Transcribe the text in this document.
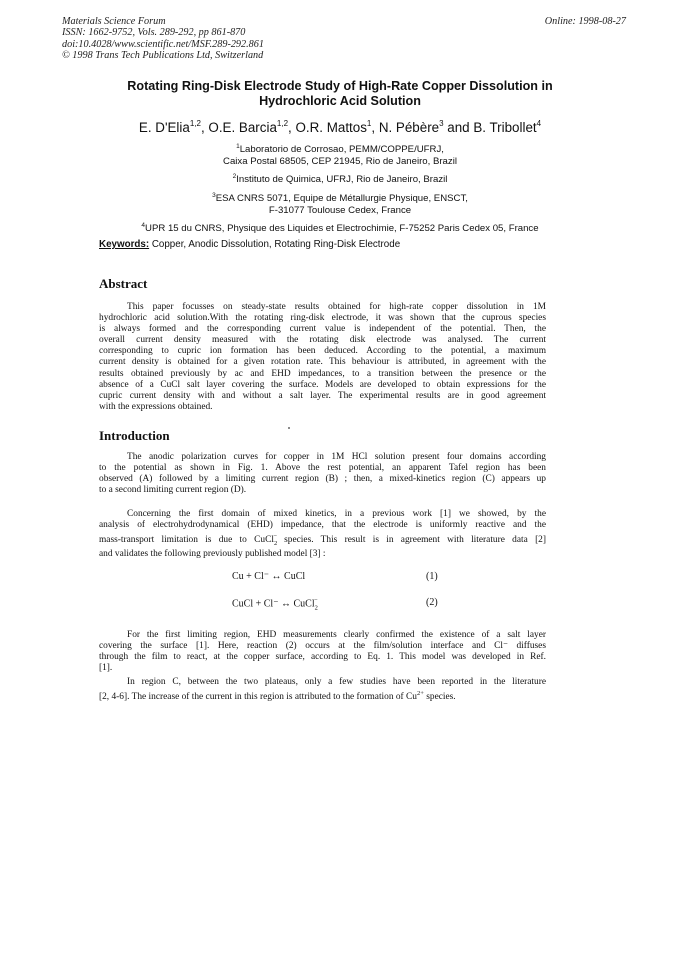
Materials Science Forum
ISSN: 1662-9752, Vols. 289-292, pp 861-870
doi:10.4028/www.scientific.net/MSF.289-292.861
© 1998 Trans Tech Publications Ltd, Switzerland
Online: 1998-08-27
Rotating Ring-Disk Electrode Study of High-Rate Copper Dissolution in
Hydrochloric Acid Solution
E. D'Elia$^{1,2}$, O.E. Barcia$^{1,2}$, O.R. Mattos$^1$, N. Pébère$^3$ and B. Tribollet$^4$
$^1$Laboratorio de Corrosao, PEMM/COPPE/UFRJ,
Caixa Postal 68505, CEP 21945, Rio de Janeiro, Brazil
$^2$Instituto de Quimica, UFRJ, Rio de Janeiro, Brazil
$^3$ESA CNRS 5071, Equipe de Métallurgie Physique, ENSCT,
F-31077 Toulouse Cedex, France
$^4$UPR 15 du CNRS, Physique des Liquides et Electrochimie, F-75252 Paris Cedex 05, France
Keywords: Copper, Anodic Dissolution, Rotating Ring-Disk Electrode
Abstract
This paper focusses on steady-state results obtained for high-rate copper dissolution in 1M
hydrochloric acid solution.With the rotating ring-disk electrode, it was shown that the cuprous species
is always formed and the corresponding current value is independent of the potential. Then, the
overall current density measured with the rotating disk electrode was analysed. The current
corresponding to cupric ion formation has been deduced. According to the potential, a maximum
current density is obtained for a given rotation rate. This behaviour is attributed, in agreement with the
results obtained previously by ac and EHD impedances, to a transition between the presence or the
absence of a CuCl salt layer covering the surface. Models are developed to obtain expressions for the
cupric current density with and without a salt layer. The experimental results are in good agreement
with the expressions obtained.
Introduction
The anodic polarization curves for copper in 1M HCl solution present four domains according
to the potential as shown in Fig. 1. Above the rest potential, an apparent Tafel region has been
observed (A) followed by a limiting current region (B) ; then, a mixed-kinetics region (C) appears up
to a second limiting current region (D).
Concerning the first domain of mixed kinetics, in a previous work [1] we showed, by the
analysis of electrohydrodynamical (EHD) impedance, that the electrode is uniformly reactive and the
mass-transport limitation is due to CuCl$_2$− species. This result is in agreement with literature data [2]
and validates the following previously published model [3] :
Cu + Cl⁻ ↔ CuCl	(1)
CuCl + Cl⁻ ↔ CuCl$_2$−	(2)
For the first limiting region, EHD measurements clearly confirmed the existence of a salt layer
covering the surface [1]. Here, reaction (2) occurs at the film/solution interface and Cl⁻ diffuses
through the film to react, at the copper surface, according to Eq. 1. This model was developed in Ref.
[1].
In region C, between the two plateaus, only a few studies have been reported in the literature
[2, 4-6]. The increase of the current in this region is attributed to the formation of $Cu^{2+}$ species.
